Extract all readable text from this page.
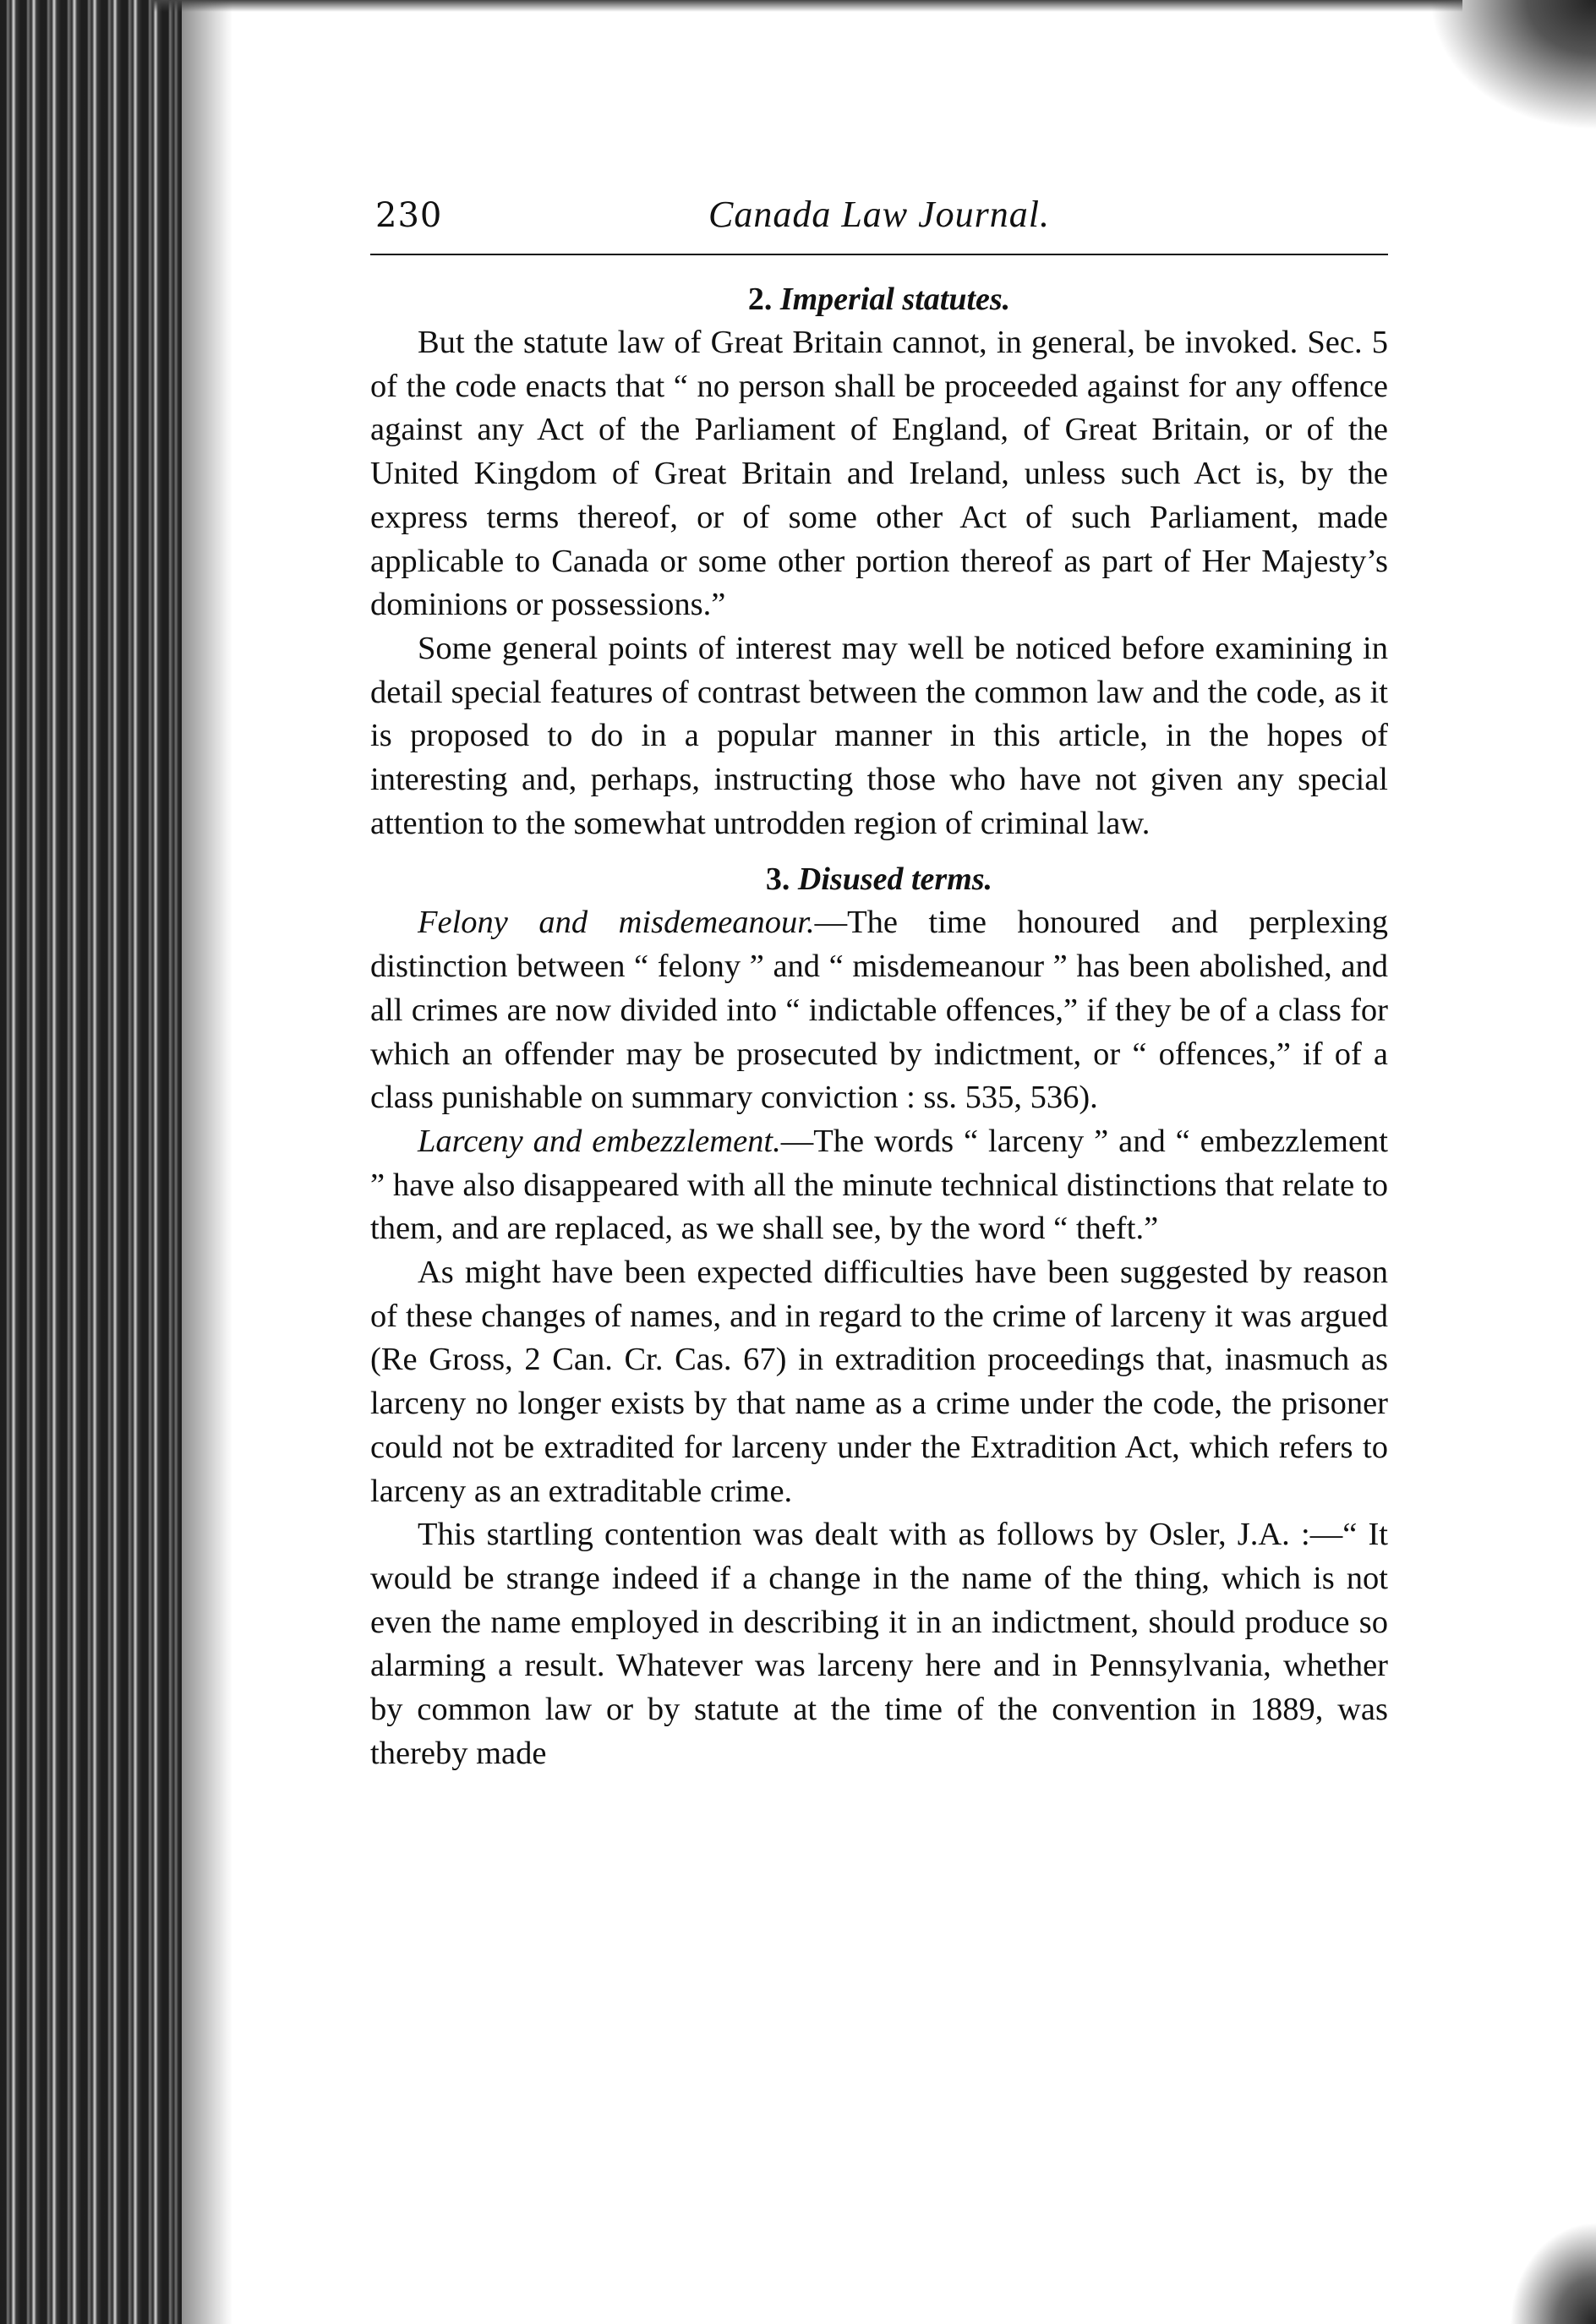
230	Canada Law Journal.
2. Imperial statutes.

But the statute law of Great Britain cannot, in general, be invoked. Sec. 5 of the code enacts that “ no person shall be proceeded against for any offence against any Act of the Parliament of England, of Great Britain, or of the United Kingdom of Great Britain and Ireland, unless such Act is, by the express terms thereof, or of some other Act of such Parliament, made applicable to Canada or some other portion thereof as part of Her Majesty’s dominions or possessions.”

Some general points of interest may well be noticed before examining in detail special features of contrast between the common law and the code, as it is proposed to do in a popular manner in this article, in the hopes of interesting and, perhaps, instructing those who have not given any special attention to the somewhat untrodden region of criminal law.

3. Disused terms.

Felony and misdemeanour.—The time honoured and perplexing distinction between “ felony ” and “ misdemeanour ” has been abolished, and all crimes are now divided into “ indictable offences,” if they be of a class for which an offender may be prosecuted by indictment, or “ offences,” if of a class punishable on summary conviction : ss. 535, 536).

Larceny and embezzlement.—The words “ larceny ” and “ embezzlement ” have also disappeared with all the minute technical distinctions that relate to them, and are replaced, as we shall see, by the word “ theft.”

As might have been expected difficulties have been suggested by reason of these changes of names, and in regard to the crime of larceny it was argued (Re Gross, 2 Can. Cr. Cas. 67) in extradition proceedings that, inasmuch as larceny no longer exists by that name as a crime under the code, the prisoner could not be extradited for larceny under the Extradition Act, which refers to larceny as an extraditable crime.

This startling contention was dealt with as follows by Osler, J.A. :—“ It would be strange indeed if a change in the name of the thing, which is not even the name employed in describing it in an indictment, should produce so alarming a result. Whatever was larceny here and in Pennsylvania, whether by common law or by statute at the time of the convention in 1889, was thereby made
